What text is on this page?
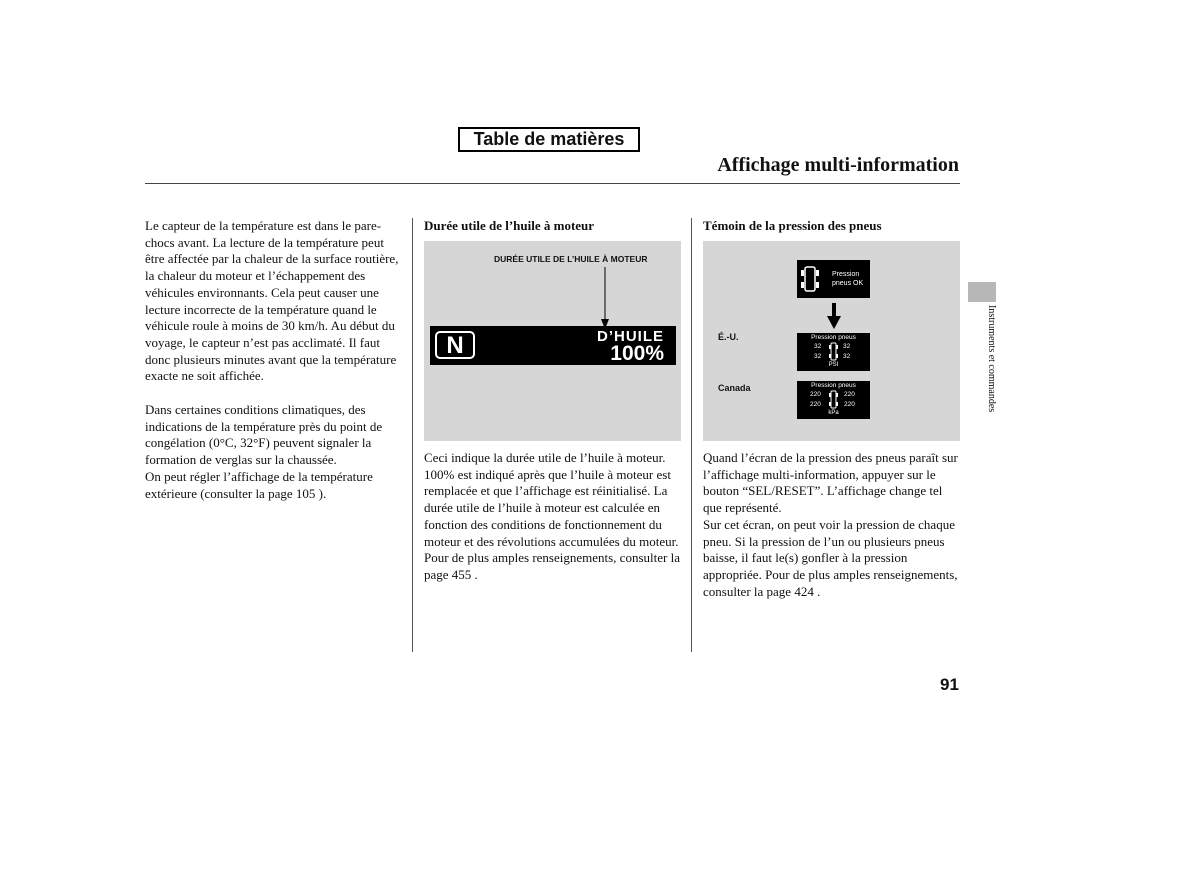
Table de matières
Affichage multi-information

Le capteur de la température est dans le pare-chocs avant. La lecture de la température peut être affectée par la chaleur de la surface routière, la chaleur du moteur et l’échappement des véhicules environnants. Cela peut causer une lecture incorrecte de la température quand le véhicule roule à moins de 30 km/h. Au début du voyage, le capteur n’est pas acclimaté. Il faut donc plusieurs minutes avant que la température exacte ne soit affichée.

Dans certaines conditions climatiques, des indications de la température près du point de congélation (0°C, 32°F) peuvent signaler la formation de verglas sur la chaussée.

On peut régler l’affichage de la température extérieure (consulter la page 105 ).

Durée utile de l’huile à moteur
DURÉE UTILE DE L’HUILE À MOTEUR
N	D’HUILE
100%

Ceci indique la durée utile de l’huile à moteur. 100% est indiqué après que l’huile à moteur est remplacée et que l’affichage est réinitialisé. La durée utile de l’huile à moteur est calculée en fonction des conditions de fonctionnement du moteur et des révolutions accumulées du moteur. Pour de plus amples renseignements, consulter la page 455 .

Témoin de la pression des pneus
Pression
pneus OK
É.-U.	Pression pneus
32	32
32	32
PSI
Canada	Pression pneus
220	220
220	220
kPa

Quand l’écran de la pression des pneus paraît sur l’affichage multi-information, appuyer sur le bouton “SEL/RESET”. L’affichage change tel que représenté.

Sur cet écran, on peut voir la pression de chaque pneu. Si la pression de l’un ou plusieurs pneus baisse, il faut le(s) gonfler à la pression appropriée. Pour de plus amples renseignements, consulter la page 424 .

Instruments et commandes
91
